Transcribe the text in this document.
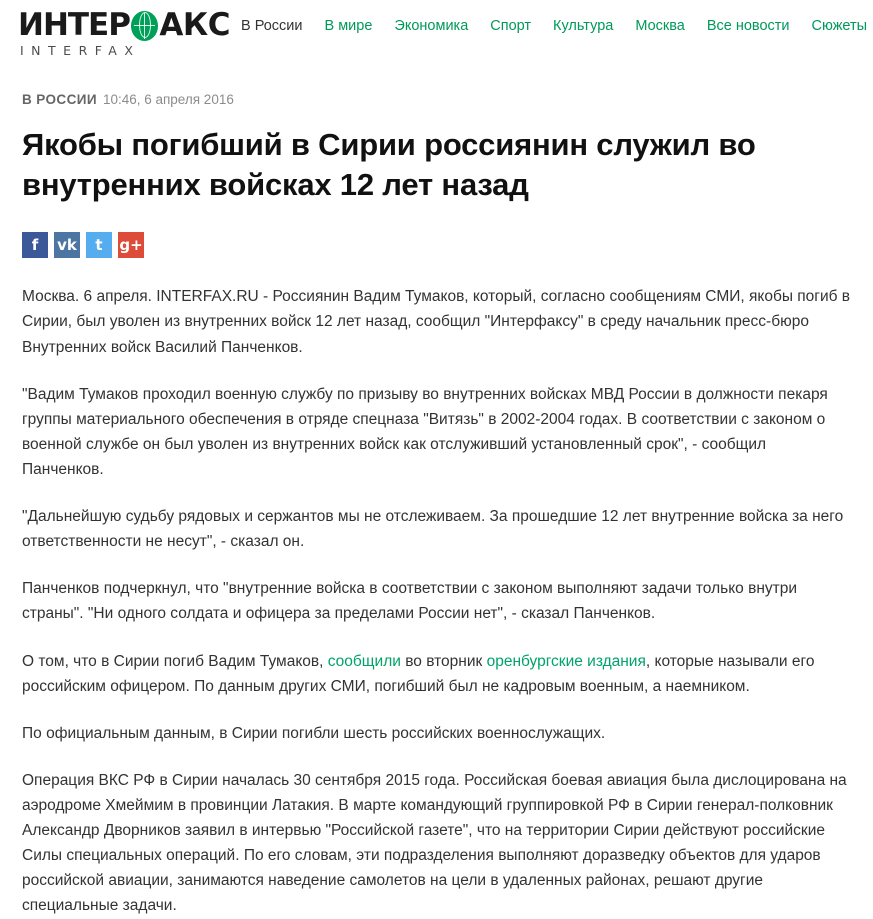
ИНТЕР АКС
INTERFAX
В России	В мире	Экономика	Спорт	Культура	Москва	Все новости	Сюжеты
В РОССИИ 10:46, 6 апреля 2016
Якобы погибший в Сирии россиянин служил во внутренних войсках 12 лет назад
f	vk	t	g+

Москва. 6 апреля. INTERFAX.RU - Россиянин Вадим Тумаков, который, согласно сообщениям СМИ, якобы погиб в Сирии, был уволен из внутренних войск 12 лет назад, сообщил "Интерфаксу" в среду начальник пресс-бюро Внутренних войск Василий Панченков.

"Вадим Тумаков проходил военную службу по призыву во внутренних войсках МВД России в должности пекаря группы материального обеспечения в отряде спецназа "Витязь" в 2002-2004 годах. В соответствии с законом о военной службе он был уволен из внутренних войск как отслуживший установленный срок", - сообщил Панченков.

"Дальнейшую судьбу рядовых и сержантов мы не отслеживаем. За прошедшие 12 лет внутренние войска за него ответственности не несут", - сказал он.

Панченков подчеркнул, что "внутренние войска в соответствии с законом выполняют задачи только внутри страны". "Ни одного солдата и офицера за пределами России нет", - сказал Панченков.

О том, что в Сирии погиб Вадим Тумаков, сообщили во вторник оренбургские издания, которые называли его российским офицером. По данным других СМИ, погибший был не кадровым военным, а наемником.

По официальным данным, в Сирии погибли шесть российских военнослужащих.

Операция ВКС РФ в Сирии началась 30 сентября 2015 года. Российская боевая авиация была дислоцирована на аэродроме Хмеймим в провинции Латакия. В марте командующий группировкой РФ в Сирии генерал-полковник Александр Дворников заявил в интервью "Российской газете", что на территории Сирии действуют российские Силы специальных операций. По его словам, эти подразделения выполняют доразведку объектов для ударов российской авиации, занимаются наведение самолетов на цели в удаленных районах, решают другие специальные задачи.
